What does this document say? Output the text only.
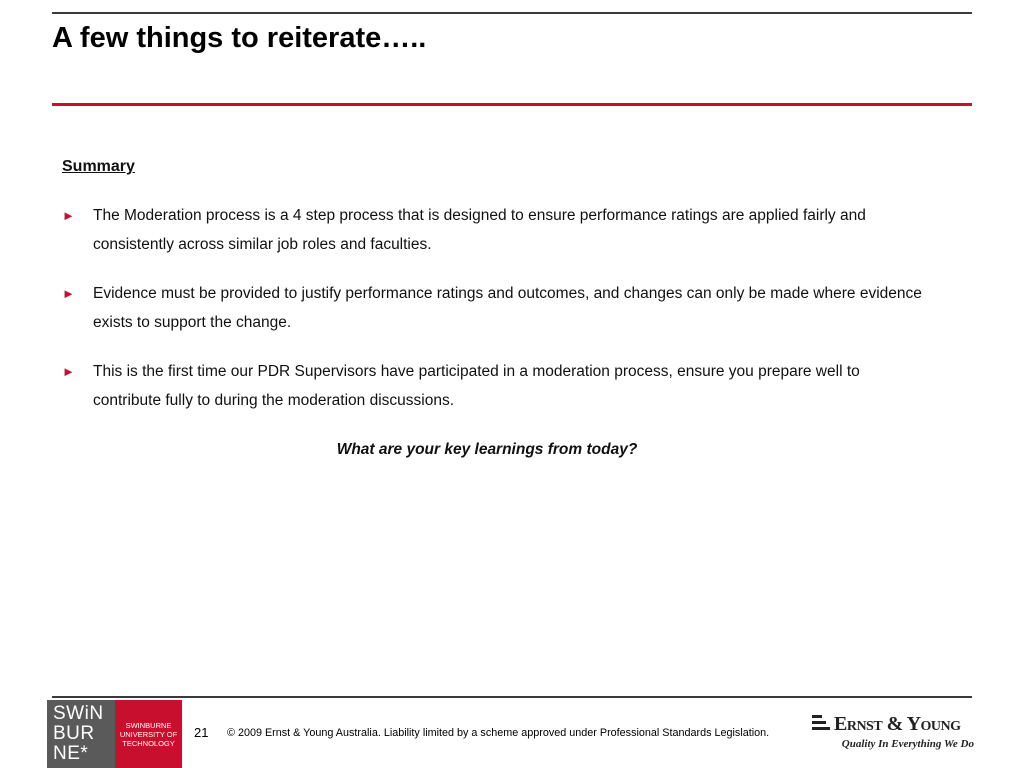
A few things to reiterate…..
Summary
►	The Moderation process is a 4 step process that is designed to ensure performance ratings are applied fairly and consistently across similar job roles and faculties.
►	Evidence must be provided to justify performance ratings and outcomes, and changes can only be made where evidence exists to support the change.
►	This is the first time our PDR Supervisors have participated in a moderation process, ensure you prepare well to contribute fully to during the moderation discussions.
What are your key learnings from today?
SWiN
BUR
NE*
SWINBURNE
UNIVERSITY OF
TECHNOLOGY
21 © 2009 Ernst & Young Australia. Liability limited by a scheme approved under Professional Standards Legislation.	Ernst & Young
Quality In Everything We Do
